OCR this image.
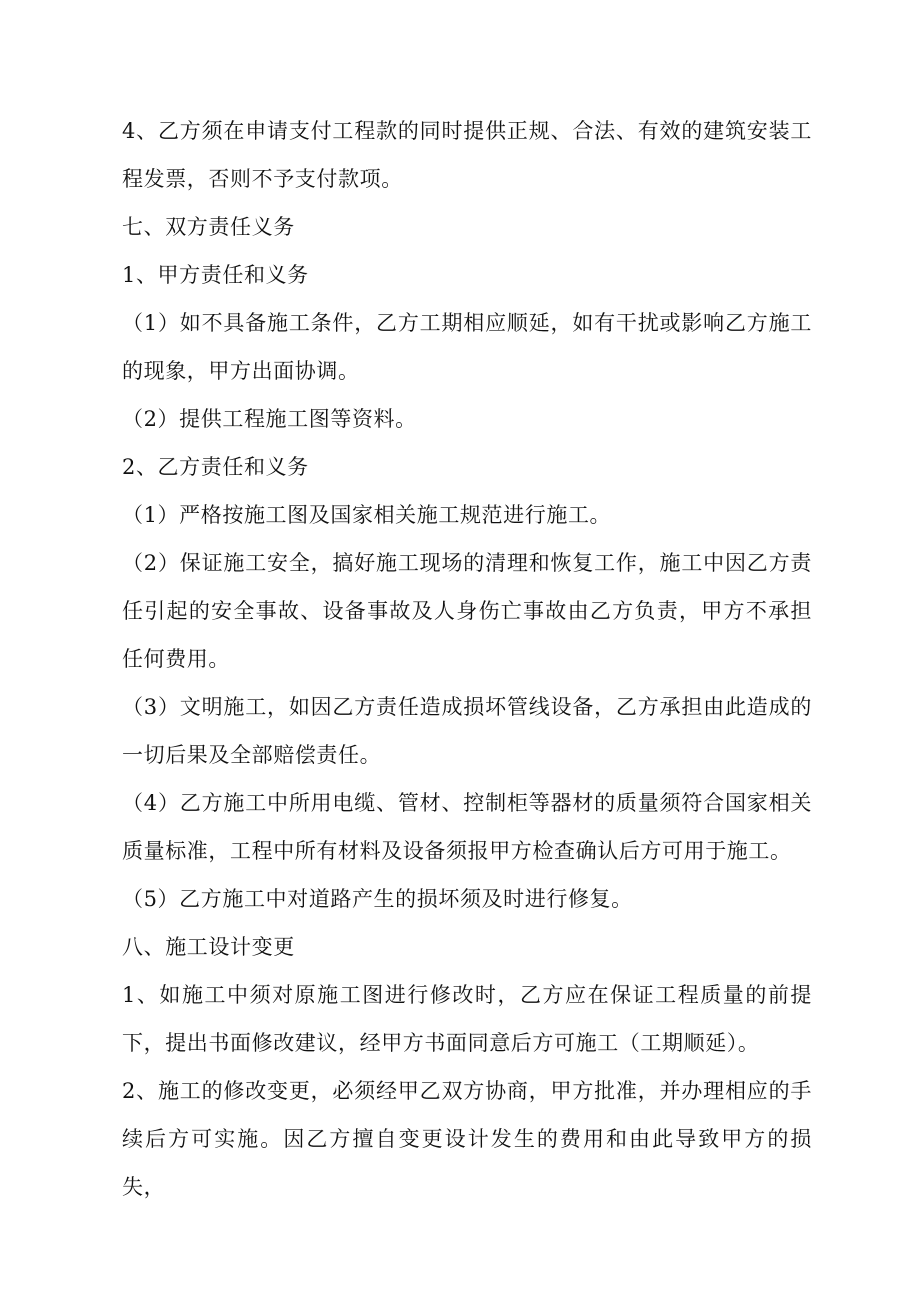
4、乙方须在申请支付工程款的同时提供正规、合法、有效的建筑安装工程发票，否则不予支付款项。

七、双方责任义务

1、甲方责任和义务

（1）如不具备施工条件，乙方工期相应顺延，如有干扰或影响乙方施工的现象，甲方出面协调。

（2）提供工程施工图等资料。

2、乙方责任和义务

（1）严格按施工图及国家相关施工规范进行施工。

（2）保证施工安全，搞好施工现场的清理和恢复工作，施工中因乙方责任引起的安全事故、设备事故及人身伤亡事故由乙方负责，甲方不承担任何费用。

（3）文明施工，如因乙方责任造成损坏管线设备，乙方承担由此造成的一切后果及全部赔偿责任。

（4）乙方施工中所用电缆、管材、控制柜等器材的质量须符合国家相关质量标准，工程中所有材料及设备须报甲方检查确认后方可用于施工。

（5）乙方施工中对道路产生的损坏须及时进行修复。

八、施工设计变更

1、如施工中须对原施工图进行修改时，乙方应在保证工程质量的前提下，提出书面修改建议，经甲方书面同意后方可施工（工期顺延）。

2、施工的修改变更，必须经甲乙双方协商，甲方批准，并办理相应的手续后方可实施。因乙方擅自变更设计发生的费用和由此导致甲方的损失，
